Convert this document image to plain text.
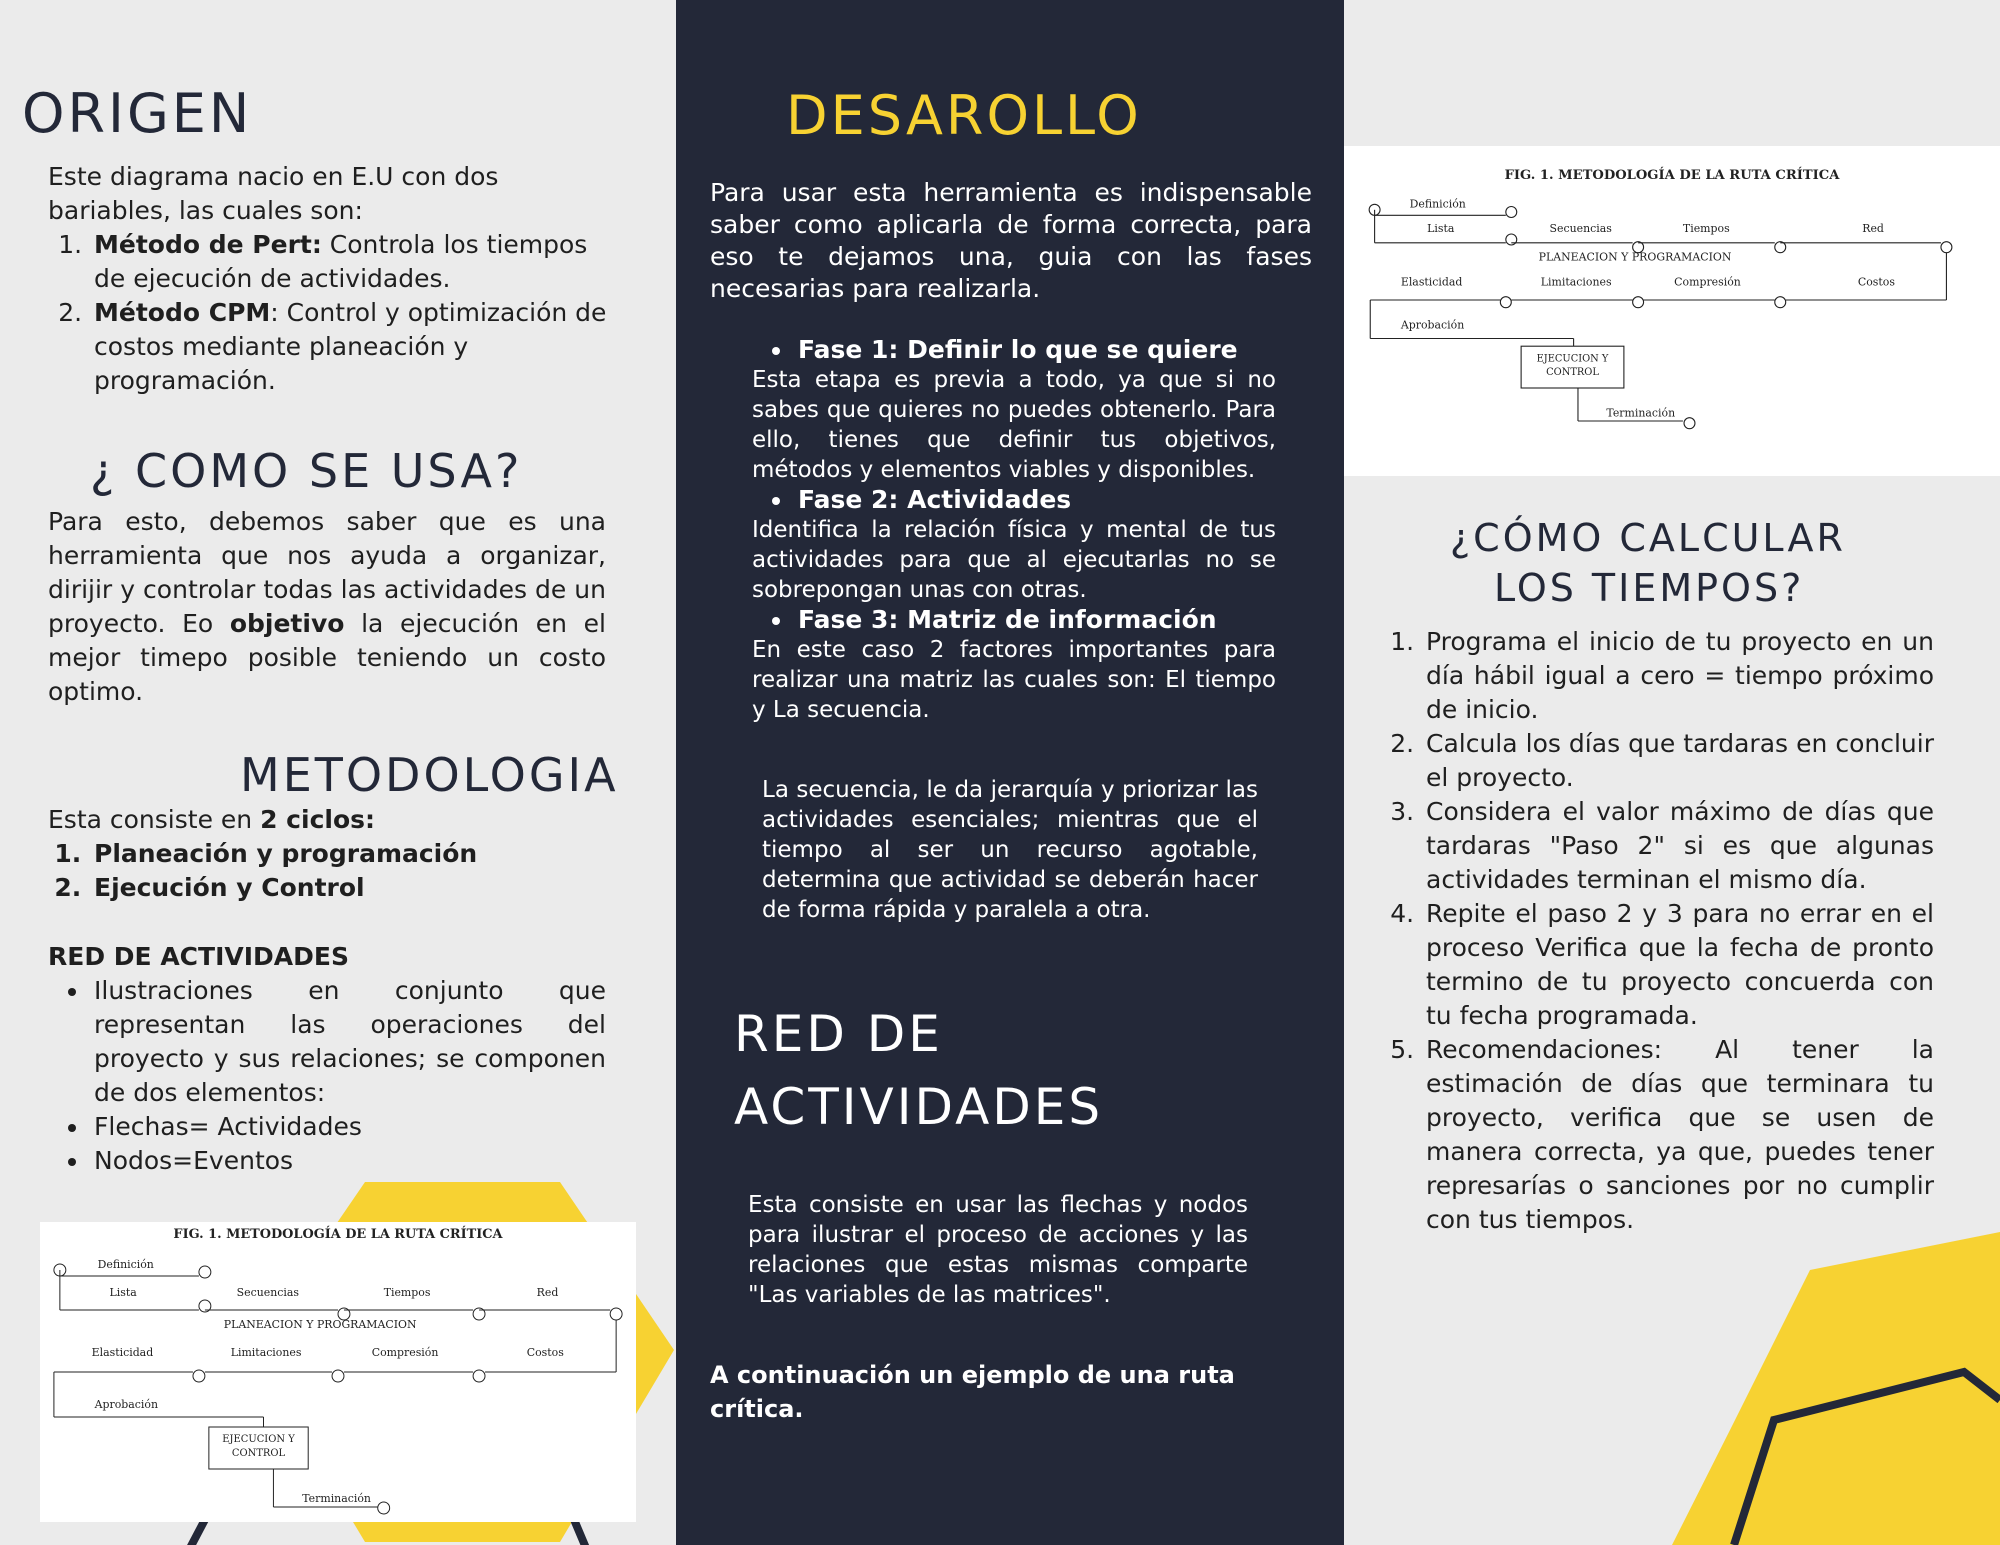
ORIGEN

Este diagrama nacio en E.U con dos bariables, las cuales son:

1. Método de Pert: Controla los tiempos de ejecución de actividades.
2. Método CPM: Control y optimización de costos mediante planeación y programación.
¿ COMO SE USA?

Para esto, debemos saber que es una herramienta que nos ayuda a organizar, dirijir y controlar todas las actividades de un proyecto. Eo objetivo la ejecución en el mejor timepo posible teniendo un costo optimo.

METODOLOGIA

Esta consiste en 2 ciclos:

1. Planeación y programación
2. Ejecución y Control

RED DE ACTIVIDADES

• Ilustraciones en conjunto que representan las operaciones del proyecto y sus relaciones; se componen de dos elementos:
• Flechas= Actividades
• Nodos=Eventos
FIG. 1. METODOLOGÍA DE LA RUTA CRÍTICA
Definición
Lista	Secuencias	Tiempos	Red
PLANEACION Y PROGRAMACION
Elasticidad	Limitaciones	Compresión	Costos
Aprobación
EJECUCION Y
CONTROL
Terminación
DESAROLLO

Para usar esta herramienta es indispensable saber como aplicarla de forma correcta, para eso te dejamos una, guia con las fases necesarias para realizarla.

• Fase 1: Definir lo que se quiere

Esta etapa es previa a todo, ya que si no sabes que quieres no puedes obtenerlo. Para ello, tienes que definir tus objetivos, métodos y elementos viables y disponibles.

• Fase 2: Actividades

Identifica la relación física y mental de tus actividades para que al ejecutarlas no se sobrepongan unas con otras.

• Fase 3: Matriz de información

En este caso 2 factores importantes para realizar una matriz las cuales son: El tiempo y La secuencia.

La secuencia, le da jerarquía y priorizar las actividades esenciales; mientras que el tiempo al ser un recurso agotable, determina que actividad se deberán hacer de forma rápida y paralela a otra.

RED DE
ACTIVIDADES

Esta consiste en usar las flechas y nodos para ilustrar el proceso de acciones y las relaciones que estas mismas comparte "Las variables de las matrices".

A continuación un ejemplo de una ruta crítica.

FIG. 1. METODOLOGÍA DE LA RUTA CRÍTICA
Definición
Lista	Secuencias	Tiempos	Red
PLANEACION Y PROGRAMACION
Elasticidad	Limitaciones	Compresión	Costos
Aprobación
EJECUCION Y
CONTROL
Terminación
¿CÓMO CALCULAR
LOS TIEMPOS?
1. Programa el inicio de tu proyecto en un día hábil igual a cero = tiempo próximo de inicio.
2. Calcula los días que tardaras en concluir el proyecto.
3. Considera el valor máximo de días que tardaras "Paso 2" si es que algunas actividades terminan el mismo día.
4. Repite el paso 2 y 3 para no errar en el proceso Verifica que la fecha de pronto termino de tu proyecto concuerda con tu fecha programada.
5. Recomendaciones: Al tener la estimación de días que terminara tu proyecto, verifica que se usen de manera correcta, ya que, puedes tener represarías o sanciones por no cumplir con tus tiempos.
